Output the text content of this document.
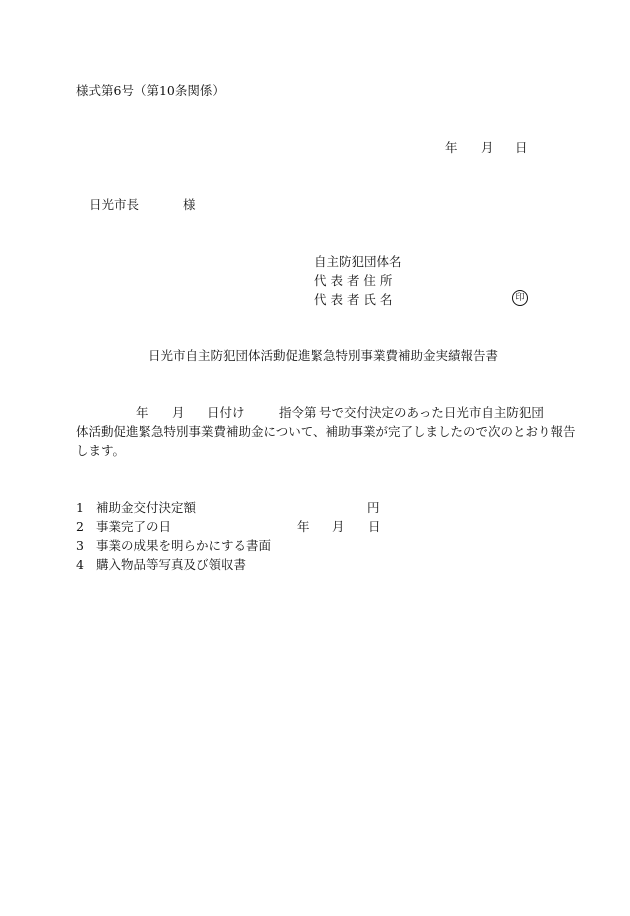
様式第6号（第10条関係）
年 月 日
日光市長	様
自主防犯団体名
代 表 者 住 所
代 表 者 氏 名	印
日光市自主防犯団体活動促進緊急特別事業費補助金実績報告書
年 月 日付け	指令第 号で交付決定のあった日光市自主防犯団
体活動促進緊急特別事業費補助金について、補助事業が完了しましたので次のとおり報告
します。
1 補助金交付決定額	円
2 事業完了の日	年 月 日
3 事業の成果を明らかにする書面
4 購入物品等写真及び領収書
